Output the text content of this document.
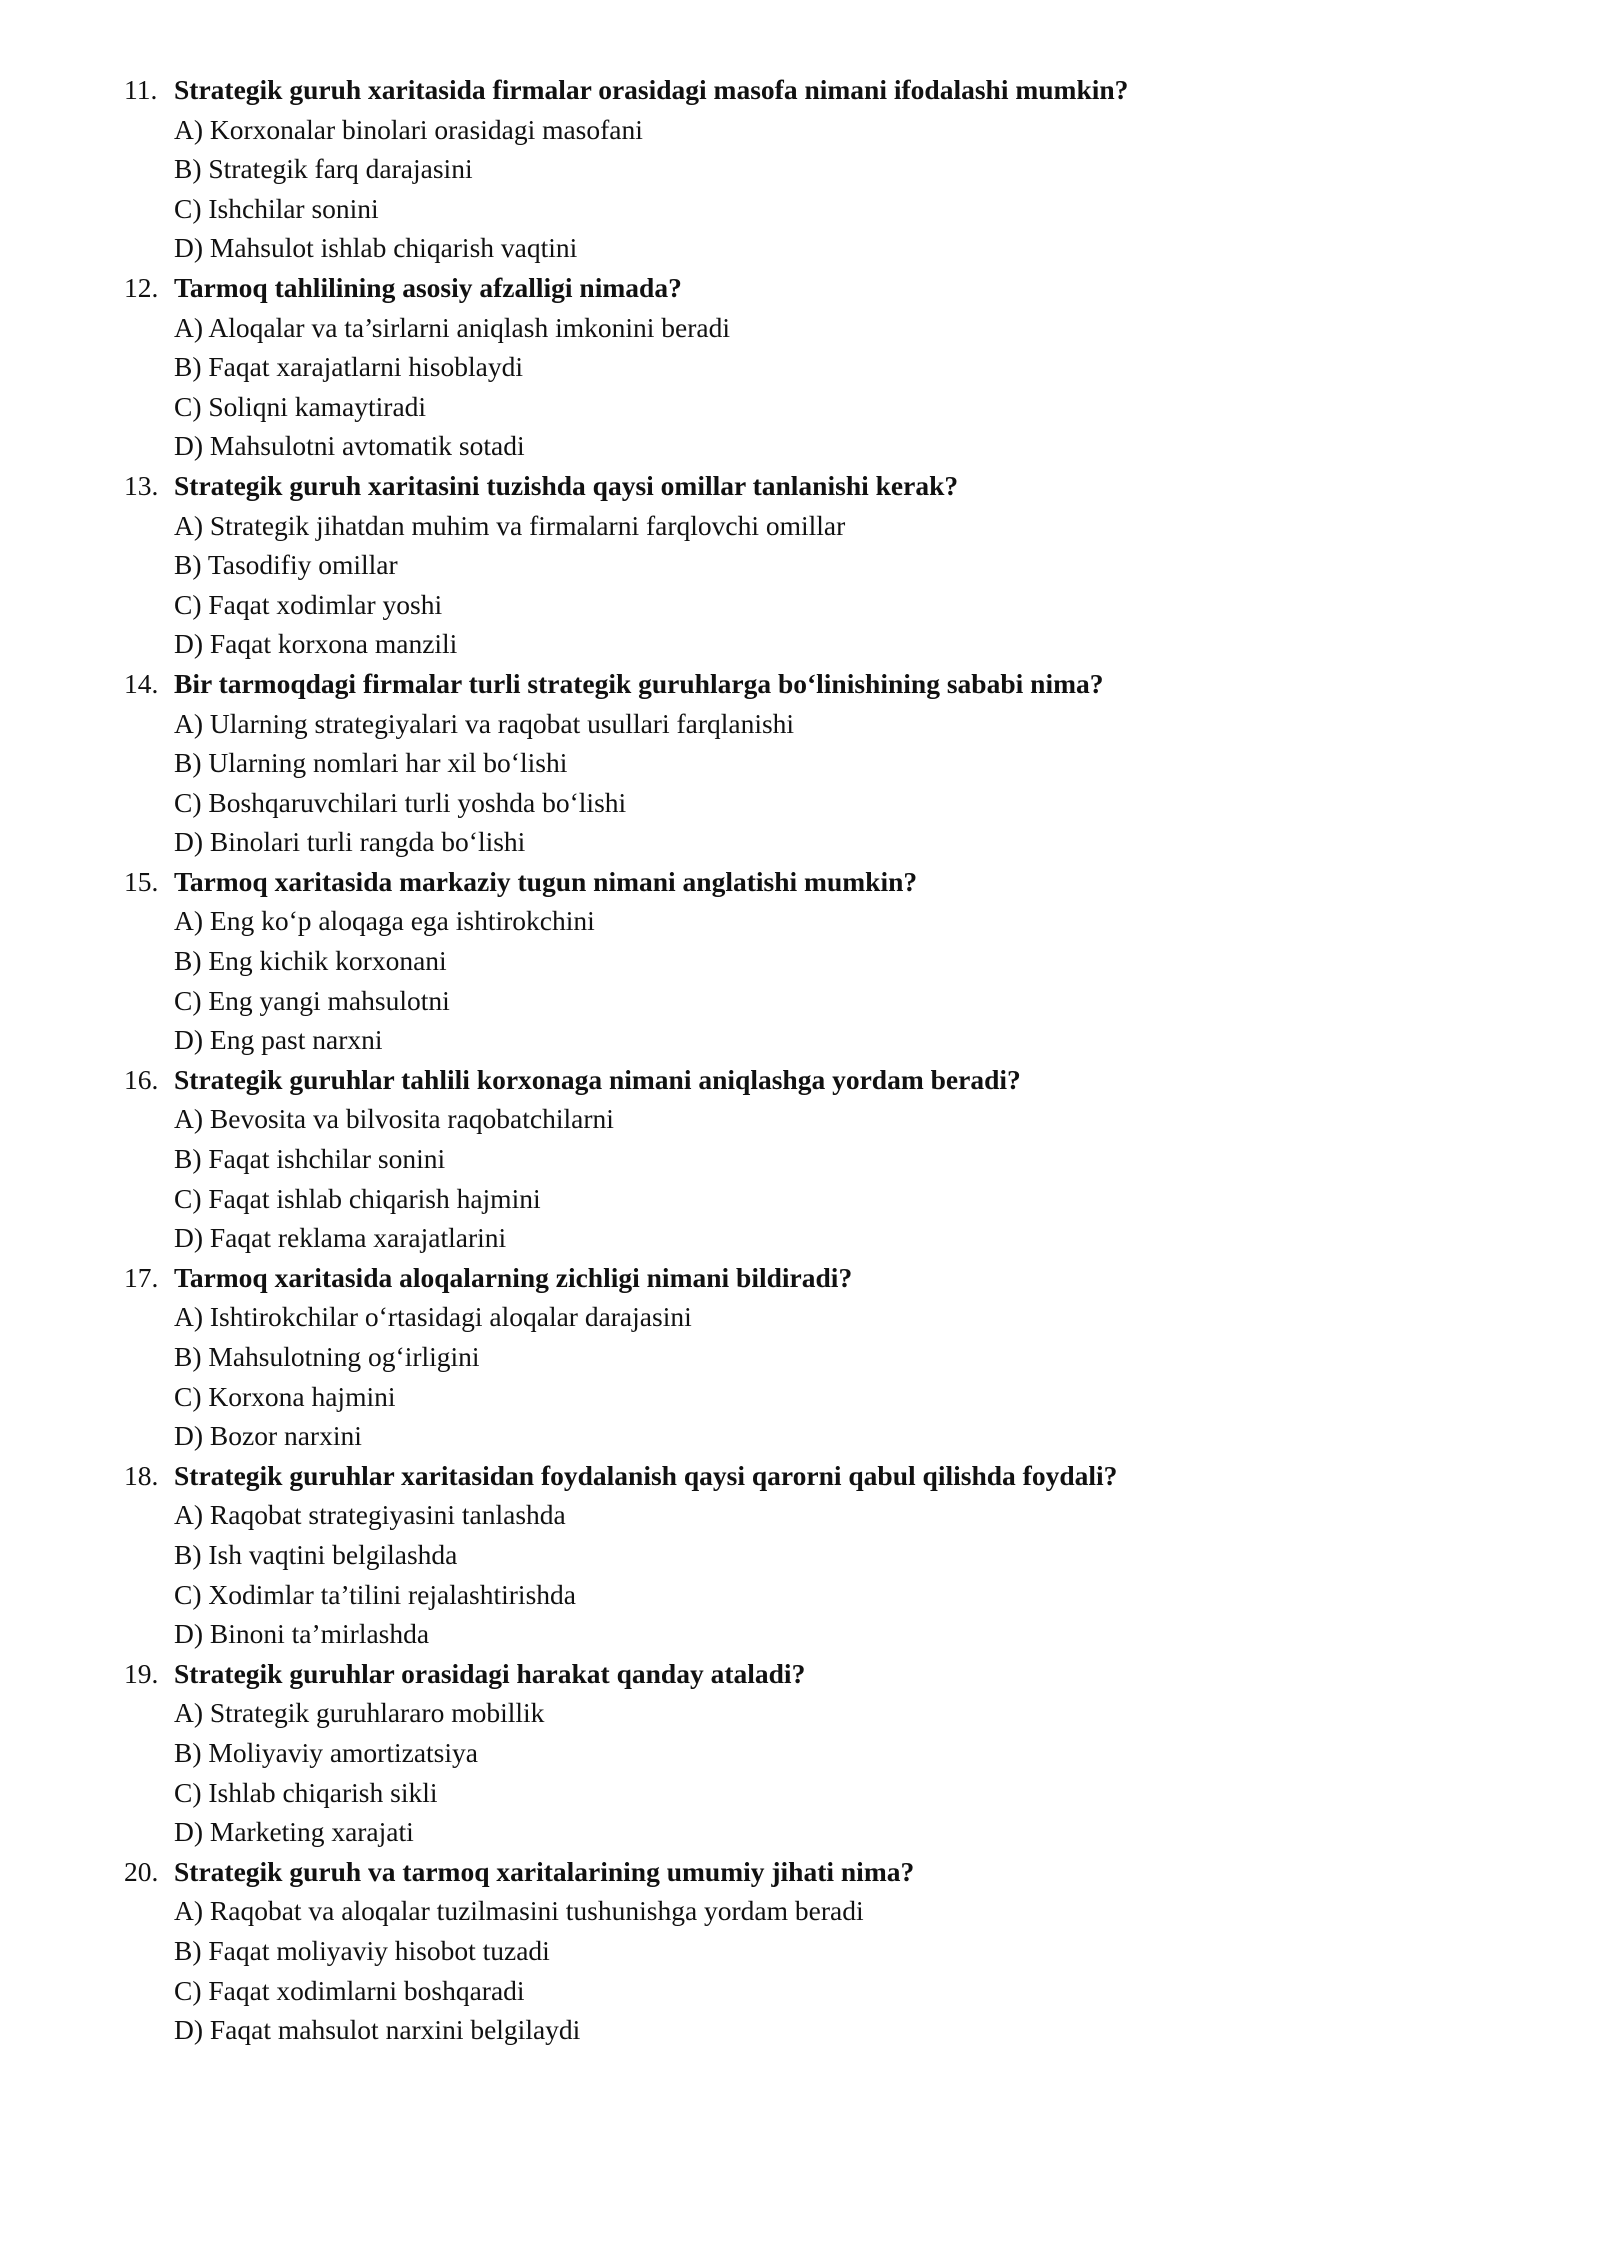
11. Strategik guruh xaritasida firmalar orasidagi masofa nimani ifodalashi mumkin?
A) Korxonalar binolari orasidagi masofani
B) Strategik farq darajasini
C) Ishchilar sonini
D) Mahsulot ishlab chiqarish vaqtini
12. Tarmoq tahlilining asosiy afzalligi nimada?
A) Aloqalar va ta’sirlarni aniqlash imkonini beradi
B) Faqat xarajatlarni hisoblaydi
C) Soliqni kamaytiradi
D) Mahsulotni avtomatik sotadi
13. Strategik guruh xaritasini tuzishda qaysi omillar tanlanishi kerak?
A) Strategik jihatdan muhim va firmalarni farqlovchi omillar
B) Tasodifiy omillar
C) Faqat xodimlar yoshi
D) Faqat korxona manzili
14. Bir tarmoqdagi firmalar turli strategik guruhlarga bo‘linishining sababi nima?
A) Ularning strategiyalari va raqobat usullari farqlanishi
B) Ularning nomlari har xil bo‘lishi
C) Boshqaruvchilari turli yoshda bo‘lishi
D) Binolari turli rangda bo‘lishi
15. Tarmoq xaritasida markaziy tugun nimani anglatishi mumkin?
A) Eng ko‘p aloqaga ega ishtirokchini
B) Eng kichik korxonani
C) Eng yangi mahsulotni
D) Eng past narxni
16. Strategik guruhlar tahlili korxonaga nimani aniqlashga yordam beradi?
A) Bevosita va bilvosita raqobatchilarni
B) Faqat ishchilar sonini
C) Faqat ishlab chiqarish hajmini
D) Faqat reklama xarajatlarini
17. Tarmoq xaritasida aloqalarning zichligi nimani bildiradi?
A) Ishtirokchilar o‘rtasidagi aloqalar darajasini
B) Mahsulotning og‘irligini
C) Korxona hajmini
D) Bozor narxini
18. Strategik guruhlar xaritasidan foydalanish qaysi qarorni qabul qilishda foydali?
A) Raqobat strategiyasini tanlashda
B) Ish vaqtini belgilashda
C) Xodimlar ta’tilini rejalashtirishda
D) Binoni ta’mirlashda
19. Strategik guruhlar orasidagi harakat qanday ataladi?
A) Strategik guruhlararo mobillik
B) Moliyaviy amortizatsiya
C) Ishlab chiqarish sikli
D) Marketing xarajati
20. Strategik guruh va tarmoq xaritalarining umumiy jihati nima?
A) Raqobat va aloqalar tuzilmasini tushunishga yordam beradi
B) Faqat moliyaviy hisobot tuzadi
C) Faqat xodimlarni boshqaradi
D) Faqat mahsulot narxini belgilaydi
